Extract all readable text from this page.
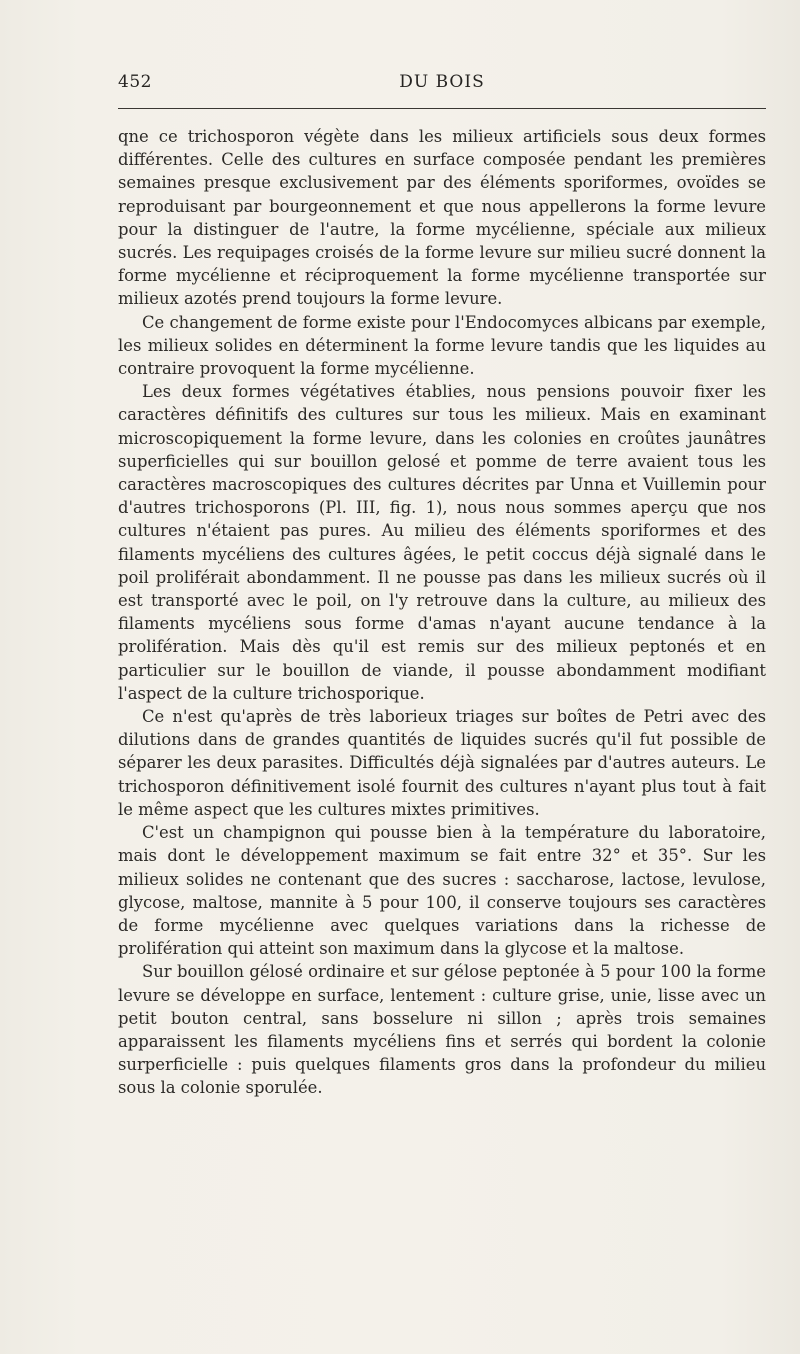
452	DU BOIS

qne ce trichosporon végète dans les milieux artificiels sous deux formes différentes. Celle des cultures en surface composée pendant les premières semaines presque exclusivement par des éléments sporiformes, ovoïdes se reproduisant par bourgeonnement et que nous appellerons la forme levure pour la distinguer de l'autre, la forme mycélienne, spéciale aux milieux sucrés. Les requipages croisés de la forme levure sur milieu sucré donnent la forme mycélienne et réciproquement la forme mycélienne transportée sur milieux azotés prend toujours la forme levure.

Ce changement de forme existe pour l'Endocomyces albicans par exemple, les milieux solides en déterminent la forme levure tandis que les liquides au contraire provoquent la forme mycélienne.

Les deux formes végétatives établies, nous pensions pouvoir fixer les caractères définitifs des cultures sur tous les milieux. Mais en examinant microscopiquement la forme levure, dans les colonies en croûtes jaunâtres superficielles qui sur bouillon gelosé et pomme de terre avaient tous les caractères macroscopiques des cultures décrites par Unna et Vuillemin pour d'autres trichosporons (Pl. III, fig. 1), nous nous sommes aperçu que nos cultures n'étaient pas pures. Au milieu des éléments sporiformes et des filaments mycéliens des cultures âgées, le petit coccus déjà signalé dans le poil proliférait abondamment. Il ne pousse pas dans les milieux sucrés où il est transporté avec le poil, on l'y retrouve dans la culture, au milieux des filaments mycéliens sous forme d'amas n'ayant aucune tendance à la prolifération. Mais dès qu'il est remis sur des milieux peptonés et en particulier sur le bouillon de viande, il pousse abondamment modifiant l'aspect de la culture trichosporique.

Ce n'est qu'après de très laborieux triages sur boîtes de Petri avec des dilutions dans de grandes quantités de liquides sucrés qu'il fut possible de séparer les deux parasites. Difficultés déjà signalées par d'autres auteurs. Le trichosporon définitivement isolé fournit des cultures n'ayant plus tout à fait le même aspect que les cultures mixtes primitives.

C'est un champignon qui pousse bien à la température du laboratoire, mais dont le développement maximum se fait entre 32° et 35°. Sur les milieux solides ne contenant que des sucres : saccharose, lactose, levulose, glycose, maltose, mannite à 5 pour 100, il conserve toujours ses caractères de forme mycélienne avec quelques variations dans la richesse de prolifération qui atteint son maximum dans la glycose et la maltose.

Sur bouillon gélosé ordinaire et sur gélose peptonée à 5 pour 100 la forme levure se développe en surface, lentement : culture grise, unie, lisse avec un petit bouton central, sans bosselure ni sillon ; après trois semaines apparaissent les filaments mycéliens fins et serrés qui bordent la colonie surperficielle : puis quelques filaments gros dans la profondeur du milieu sous la colonie sporulée.
